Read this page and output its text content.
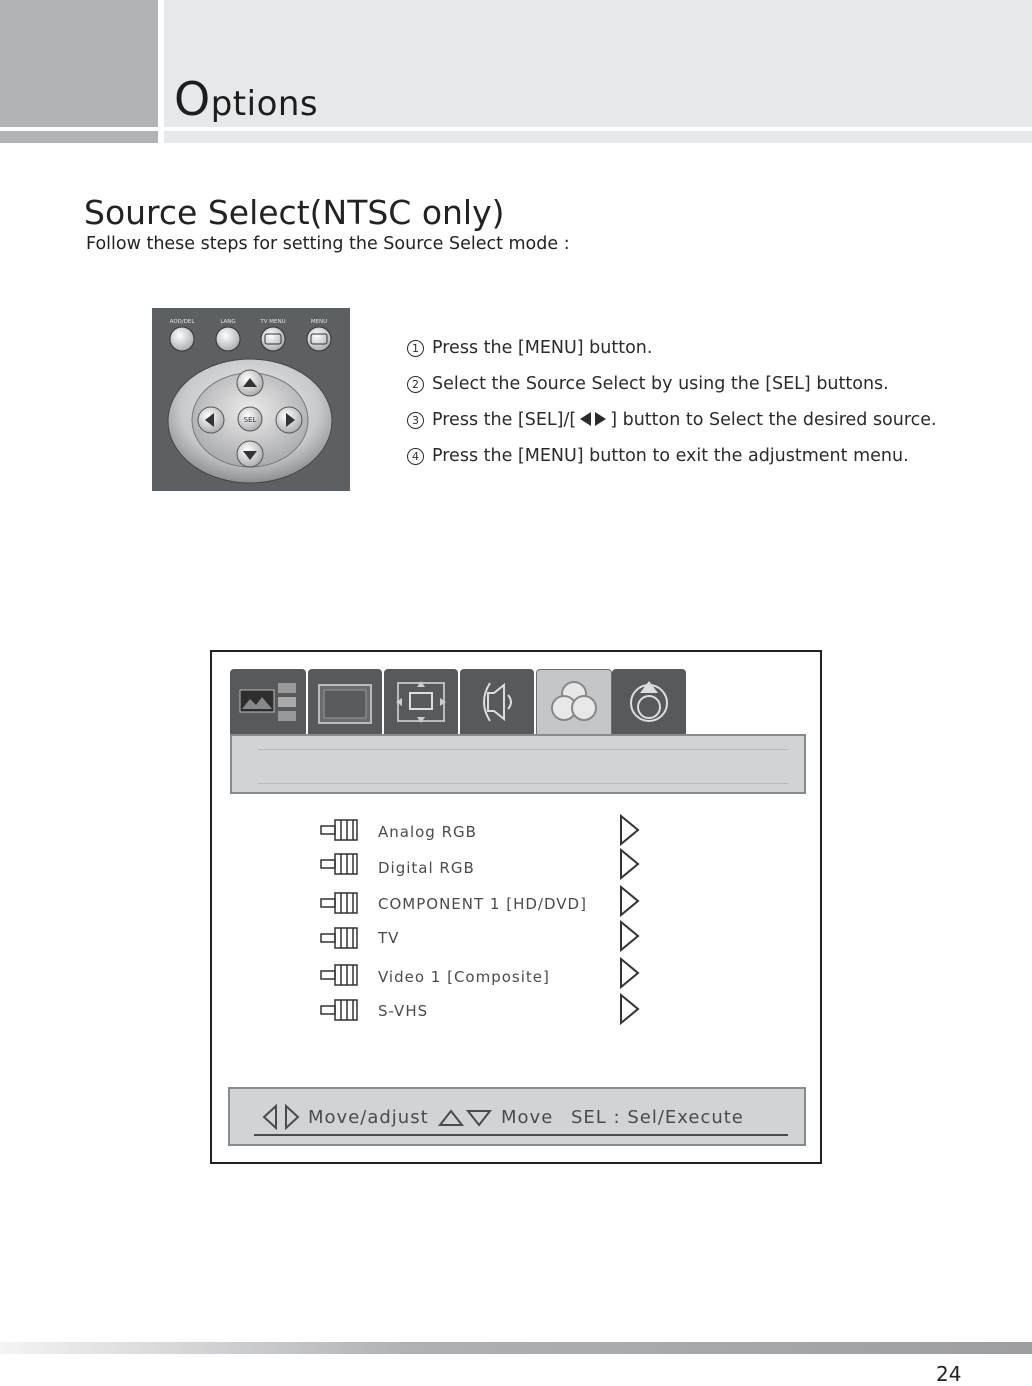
Options
Source Select(NTSC only)
Follow these steps for setting the Source Select mode :
ADD/DEL	LANG	TV MENU	MENU
SEL
1 Press the [MENU] button.
2 Select the Source Select by using the [SEL] buttons.
3 Press the [SEL]/[ ] button to Select the desired source.
4 Press the [MENU] button to exit the adjustment menu.
Analog RGB
Digital RGB
COMPONENT 1 [HD/DVD]
TV
Video 1 [Composite]
S-VHS
Move/adjust	Move SEL : Sel/Execute
24
